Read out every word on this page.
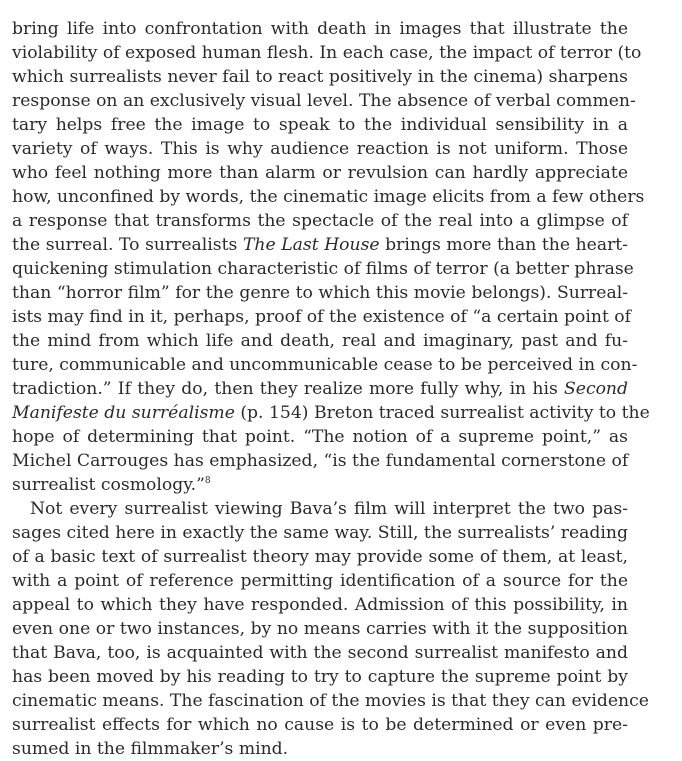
bring life into confrontation with death in images that illustrate the
violability of exposed human flesh. In each case, the impact of terror (to
which surrealists never fail to react positively in the cinema) sharpens
response on an exclusively visual level. The absence of verbal commen-
tary helps free the image to speak to the individual sensibility in a
variety of ways. This is why audience reaction is not uniform. Those
who feel nothing more than alarm or revulsion can hardly appreciate
how, unconfined by words, the cinematic image elicits from a few others
a response that transforms the spectacle of the real into a glimpse of
the surreal. To surrealists The Last House brings more than the heart-
quickening stimulation characteristic of films of terror (a better phrase
than “horror film” for the genre to which this movie belongs). Surreal-
ists may find in it, perhaps, proof of the existence of “a certain point of
the mind from which life and death, real and imaginary, past and fu-
ture, communicable and uncommunicable cease to be perceived in con-
tradiction.” If they do, then they realize more fully why, in his Second
Manifeste du surréalisme (p. 154) Breton traced surrealist activity to the
hope of determining that point. “The notion of a supreme point,” as
Michel Carrouges has emphasized, “is the fundamental cornerstone of
surrealist cosmology.”$^8$
Not every surrealist viewing Bava’s film will interpret the two pas-
sages cited here in exactly the same way. Still, the surrealists’ reading
of a basic text of surrealist theory may provide some of them, at least,
with a point of reference permitting identification of a source for the
appeal to which they have responded. Admission of this possibility, in
even one or two instances, by no means carries with it the supposition
that Bava, too, is acquainted with the second surrealist manifesto and
has been moved by his reading to try to capture the supreme point by
cinematic means. The fascination of the movies is that they can evidence
surrealist effects for which no cause is to be determined or even pre-
sumed in the filmmaker’s mind.
